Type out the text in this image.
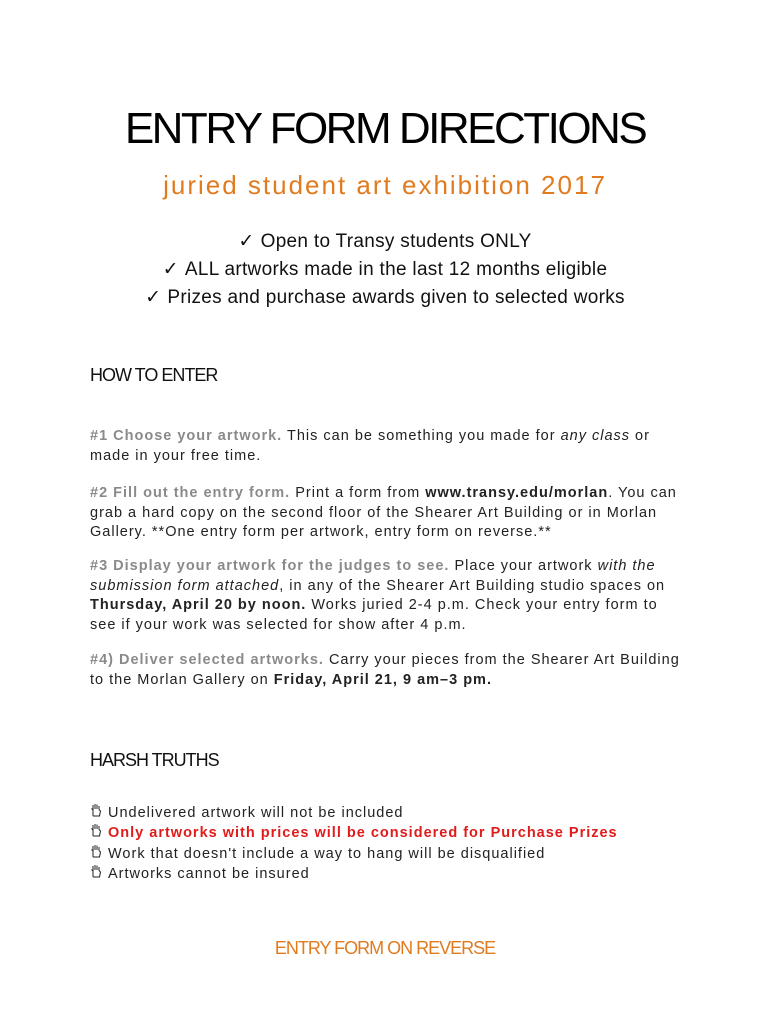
ENTRY FORM DIRECTIONS
juried student art exhibition 2017
✓ Open to Transy students ONLY
✓ ALL artworks made in the last 12 months eligible
✓ Prizes and purchase awards given to selected works
HOW TO ENTER
#1 Choose your artwork. This can be something you made for any class or made in your free time.
#2 Fill out the entry form. Print a form from www.transy.edu/morlan. You can grab a hard copy on the second floor of the Shearer Art Building or in Morlan Gallery. **One entry form per artwork, entry form on reverse.**
#3 Display your artwork for the judges to see. Place your artwork with the submission form attached, in any of the Shearer Art Building studio spaces on Thursday, April 20 by noon. Works juried 2-4 p.m. Check your entry form to see if your work was selected for show after 4 p.m.
#4) Deliver selected artworks. Carry your pieces from the Shearer Art Building to the Morlan Gallery on Friday, April 21, 9 am–3 pm.
HARSH TRUTHS
Undelivered artwork will not be included
Only artworks with prices will be considered for Purchase Prizes
Work that doesn't include a way to hang will be disqualified
Artworks cannot be insured
ENTRY FORM ON REVERSE
